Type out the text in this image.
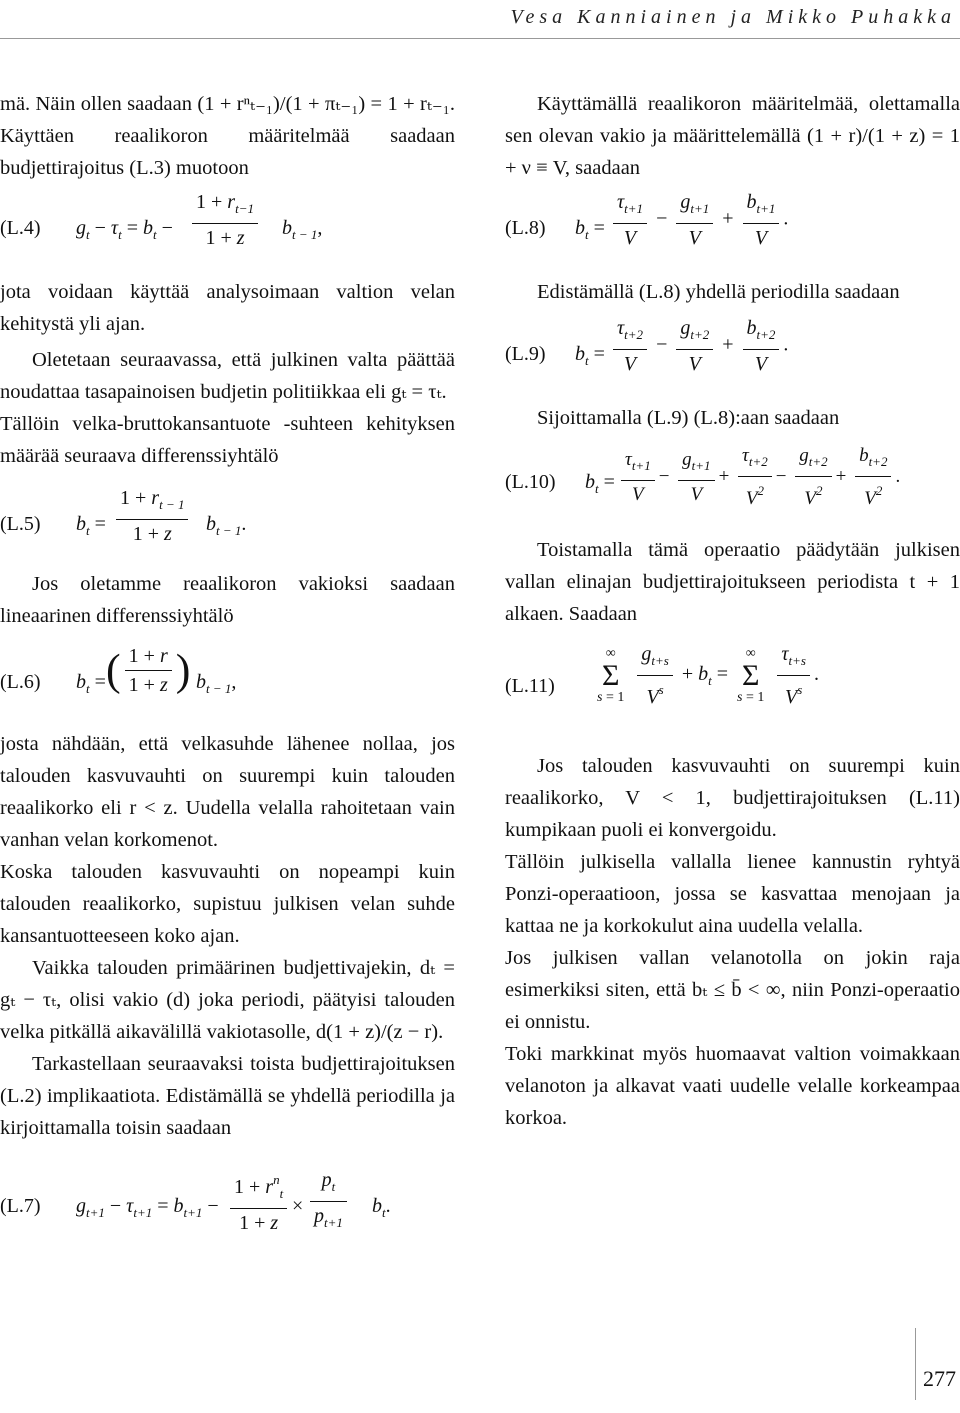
Vesa Kanniainen ja Mikko Puhakka

mä. Näin ollen saadaan (1 + rⁿₜ₋₁)/(1 + πₜ₋₁) = 1 + rₜ₋₁. Käyttäen reaalikoron määritelmää saadaan budjettirajoitus (L.3) muotoon

(L.4) $g_t - \tau_t = b_t - \frac{1 + r_{t-1}}{1 + z} b_{t - 1}$,

jota voidaan käyttää analysoimaan valtion velan kehitystä yli ajan.

Oletetaan seuraavassa, että julkinen valta päättää noudattaa tasapainoisen budjetin politiikkaa eli gₜ = τₜ.

Tällöin velka-bruttokansantuote -suhteen kehityksen määrää seuraava differenssiyhtälö

(L.5) $b_t = \frac{1 + r_{t - 1}}{1 + z} b_{t - 1}$.

Jos oletamme reaalikoron vakioksi saadaan lineaarinen differenssiyhtälö

(L.6) $b_t$ = ( $\frac{1 + r}{1 + z}$ ) $b_{t - 1}$,

josta nähdään, että velkasuhde lähenee nollaa, jos talouden kasvuvauhti on suurempi kuin talouden reaalikorko eli r < z. Uudella velalla rahoitetaan vain vanhan velan korkomenot.

Koska talouden kasvuvauhti on nopeampi kuin talouden reaalikorko, supistuu julkisen velan suhde kansantuotteeseen koko ajan.

Vaikka talouden primäärinen budjettivajekin, dₜ = gₜ − τₜ, olisi vakio (d) joka periodi, päätyisi talouden velka pitkällä aikavälillä vakiotasolle, d(1 + z)/(z − r).

Tarkastellaan seuraavaksi toista budjettirajoituksen (L.2) implikaatiota. Edistämällä se yhdellä periodilla ja kirjoittamalla toisin saadaan

(L.7) $g_{t+1} - \tau_{t+1} = b_{t+1} - \frac{1 + r^n_t}{1 + z} \times \frac{p_t}{p_{t+1}} b_t$.

Käyttämällä reaalikoron määritelmää, olettamalla sen olevan vakio ja määrittelemällä (1 + r)/(1 + z) = 1 + ν ≡ V, saadaan

(L.8) $b_t = \frac{\tau_{t+1}}{V} - \frac{g_{t+1}}{V} + \frac{b_{t+1}}{V}$ .

Edistämällä (L.8) yhdellä periodilla saadaan

(L.9) $b_t = \frac{\tau_{t+2}}{V} - \frac{g_{t+2}}{V} + \frac{b_{t+2}}{V}$ .

Sijoittamalla (L.9) (L.8):aan saadaan

(L.10) $b_t = \frac{\tau_{t+1}}{V} - \frac{g_{t+1}}{V} + \frac{\tau_{t+2}}{V^2} - \frac{g_{t+2}}{V^2} + \frac{b_{t+2}}{V^2}$ .

Toistamalla tämä operaatio päädytään julkisen vallan elinajan budjettirajoitukseen periodista t + 1 alkaen. Saadaan

(L.11)
∞
Σ
$s = 1 \frac{g_{t+s}}{V^s} + b_t$ = ∞
Σ
$s = 1 \frac{\tau_{t+s}}{V^s}$ .

Jos talouden kasvuvauhti on suurempi kuin reaalikorko, V < 1, budjettirajoituksen (L.11) kumpikaan puoli ei konvergoidu.

Tällöin julkisella vallalla lienee kannustin ryhtyä Ponzi-operaatioon, jossa se kasvattaa menojaan ja kattaa ne ja korkokulut aina uudella velalla.

Jos julkisen vallan velanotolla on jokin raja esimerkiksi siten, että bₜ ≤ b̄ < ∞, niin Ponzi-operaatio ei onnistu.

Toki markkinat myös huomaavat valtion voimakkaan velanoton ja alkavat vaati uudelle velalle korkeampaa korkoa.

277
